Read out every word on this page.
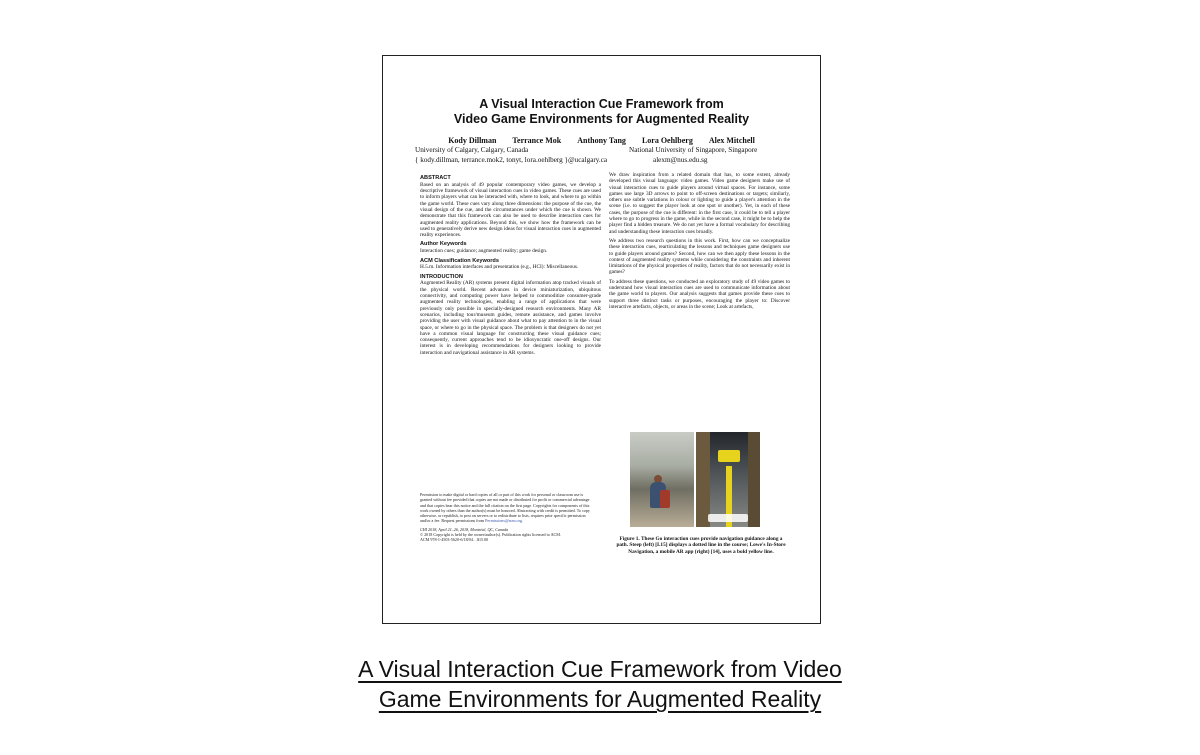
A Visual Interaction Cue Framework from
Video Game Environments for Augmented Reality
Kody Dillman Terrance Mok Anthony Tang Lora Oehlberg Alex Mitchell
University of Calgary, Calgary, Canada
{ kody.dillman, terrance.mok2, tonyt, lora.oehlberg }@ucalgary.ca
National University of Singapore, Singapore
alexm@nus.edu.sg
ABSTRACT

Based on an analysis of 49 popular contemporary video games, we develop a descriptive framework of visual interaction cues in video games. These cues are used to inform players what can be interacted with, where to look, and where to go within the game world. These cues vary along three dimensions: the purpose of the cue, the visual design of the cue, and the circumstances under which the cue is shown. We demonstrate that this framework can also be used to describe interaction cues for augmented reality applications. Beyond this, we show how the framework can be used to generatively derive new design ideas for visual interaction cues in augmented reality experiences.

Author Keywords

Interaction cues; guidance; augmented reality; game design.

ACM Classification Keywords

H.5.m. Information interfaces and presentation (e.g., HCI): Miscellaneous.

INTRODUCTION

Augmented Reality (AR) systems present digital information atop tracked visuals of the physical world. Recent advances in device miniaturization, ubiquitous connectivity, and computing power have helped to commoditize consumer-grade augmented reality technologies, enabling a range of applications that were previously only possible in specially-designed research environments. Many AR scenarios, including tour/museum guides, remote assistance, and games involve providing the user with visual guidance about what to pay attention to in the visual space, or where to go in the physical space. The problem is that designers do not yet have a common visual language for constructing these visual guidance cues; consequently, current approaches tend to be idiosyncratic one-off designs. Our interest is in developing recommendations for designers looking to provide interaction and navigational assistance in AR systems.

Permission to make digital or hard copies of all or part of this work for personal or classroom use is granted without fee provided that copies are not made or distributed for profit or commercial advantage and that copies bear this notice and the full citation on the first page. Copyrights for components of this work owned by others than the author(s) must be honored. Abstracting with credit is permitted. To copy otherwise, or republish, to post on servers or to redistribute to lists, requires prior specific permission and/or a fee. Request permissions from Permissions@acm.org.

CHI 2018, April 21–26, 2018, Montréal, QC, Canada
© 2018 Copyright is held by the owner/author(s). Publication rights licensed to ACM.
ACM 978-1-4503-5620-6/18/04…$15.00

We draw inspiration from a related domain that has, to some extent, already developed this visual language: video games. Video game designers make use of visual interaction cues to guide players around virtual spaces. For instance, some games use large 3D arrows to point to off-screen destinations or targets; similarly, others use subtle variations in colour or lighting to guide a player's attention in the scene (i.e. to suggest the player look at one spot or another). Yet, in each of these cases, the purpose of the cue is different: in the first case, it could be to tell a player where to go to progress in the game, while in the second case, it might be to help the player find a hidden treasure. We do not yet have a formal vocabulary for describing and understanding these interaction cues broadly.

We address two research questions in this work. First, how can we conceptualize these interaction cues, rearticulating the lessons and techniques game designers use to guide players around games? Second, how can we then apply these lessons in the context of augmented reality systems while considering the constraints and inherent limitations of the physical properties of reality, factors that do not necessarily exist in games?

To address these questions, we conducted an exploratory study of 49 video games to understand how visual interaction cues are used to communicate information about the game world to players. Our analysis suggests that games provide these cues to support three distinct tasks or purposes, encouraging the player to: Discover interactive artefacts, objects, or areas in the scene; Look at artefacts,

Figure 1. These Go interaction cues provide navigation guidance along a path. Steep (left) [I.15] displays a dotted line in the course; Lowe's In-Store Navigation, a mobile AR app (right) [14], uses a bold yellow line.
A Visual Interaction Cue Framework from Video
Game Environments for Augmented Reality
